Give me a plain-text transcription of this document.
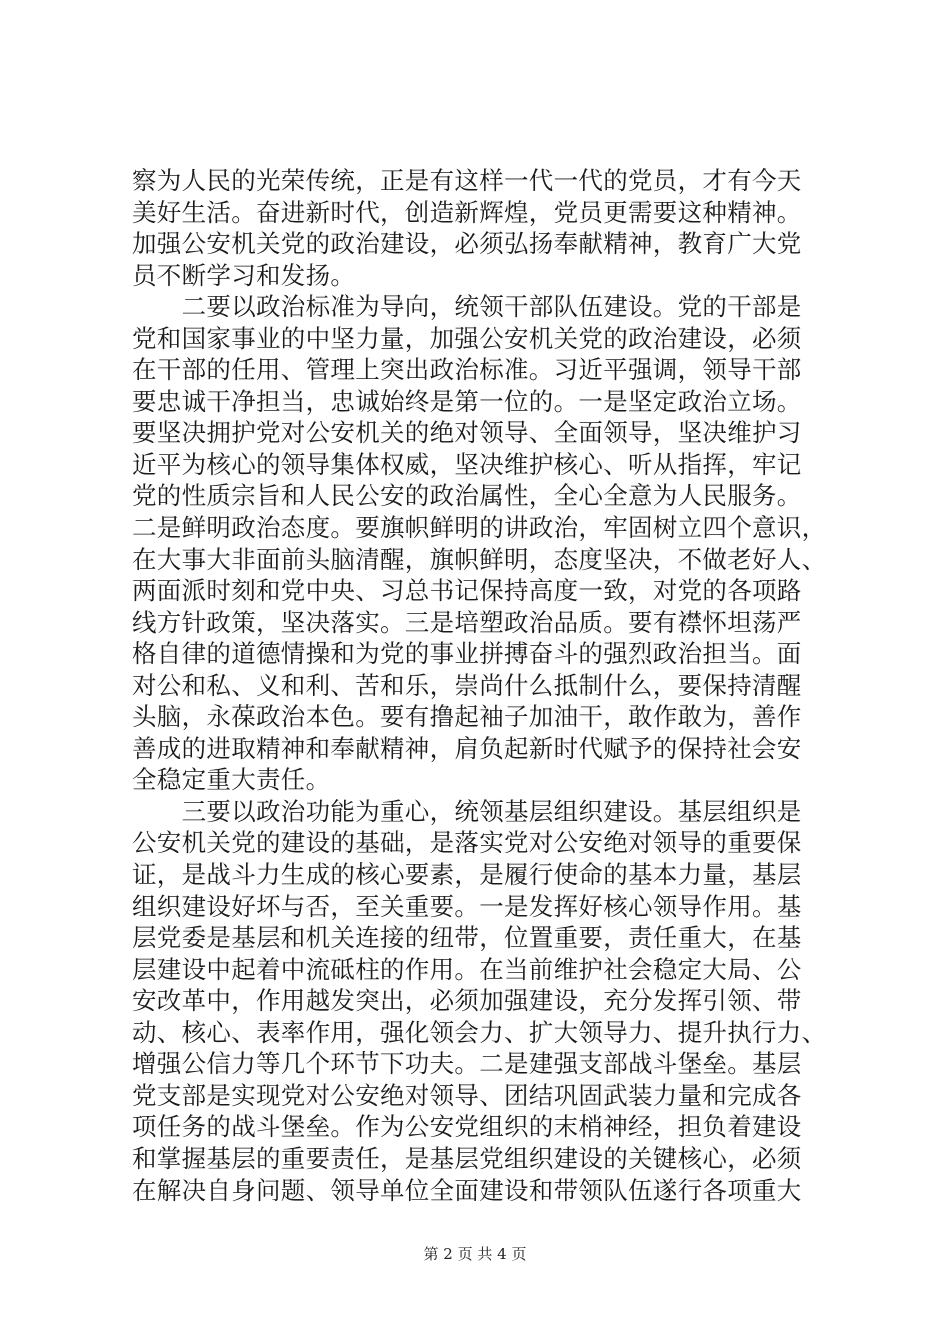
察为人民的光荣传统，正是有这样一代一代的党员，才有今天
美好生活。奋进新时代，创造新辉煌，党员更需要这种精神。
加强公安机关党的政治建设，必须弘扬奉献精神，教育广大党
员不断学习和发扬。
　　二要以政治标准为导向，统领干部队伍建设。党的干部是
党和国家事业的中坚力量，加强公安机关党的政治建设，必须
在干部的任用、管理上突出政治标准。习近平强调，领导干部
要忠诚干净担当，忠诚始终是第一位的。一是坚定政治立场。
要坚决拥护党对公安机关的绝对领导、全面领导，坚决维护习
近平为核心的领导集体权威，坚决维护核心、听从指挥，牢记
党的性质宗旨和人民公安的政治属性，全心全意为人民服务。
二是鲜明政治态度。要旗帜鲜明的讲政治，牢固树立四个意识，
在大事大非面前头脑清醒，旗帜鲜明，态度坚决，不做老好人、
两面派时刻和党中央、习总书记保持高度一致，对党的各项路
线方针政策，坚决落实。三是培塑政治品质。要有襟怀坦荡严
格自律的道德情操和为党的事业拼搏奋斗的强烈政治担当。面
对公和私、义和利、苦和乐，崇尚什么抵制什么，要保持清醒
头脑，永葆政治本色。要有撸起袖子加油干，敢作敢为，善作
善成的进取精神和奉献精神，肩负起新时代赋予的保持社会安
全稳定重大责任。
　　三要以政治功能为重心，统领基层组织建设。基层组织是
公安机关党的建设的基础，是落实党对公安绝对领导的重要保
证，是战斗力生成的核心要素，是履行使命的基本力量，基层
组织建设好坏与否，至关重要。一是发挥好核心领导作用。基
层党委是基层和机关连接的纽带，位置重要，责任重大，在基
层建设中起着中流砥柱的作用。在当前维护社会稳定大局、公
安改革中，作用越发突出，必须加强建设，充分发挥引领、带
动、核心、表率作用，强化领会力、扩大领导力、提升执行力、
增强公信力等几个环节下功夫。二是建强支部战斗堡垒。基层
党支部是实现党对公安绝对领导、团结巩固武装力量和完成各
项任务的战斗堡垒。作为公安党组织的末梢神经，担负着建设
和掌握基层的重要责任，是基层党组织建设的关键核心，必须
在解决自身问题、领导单位全面建设和带领队伍遂行各项重大
第 2 页 共 4 页
